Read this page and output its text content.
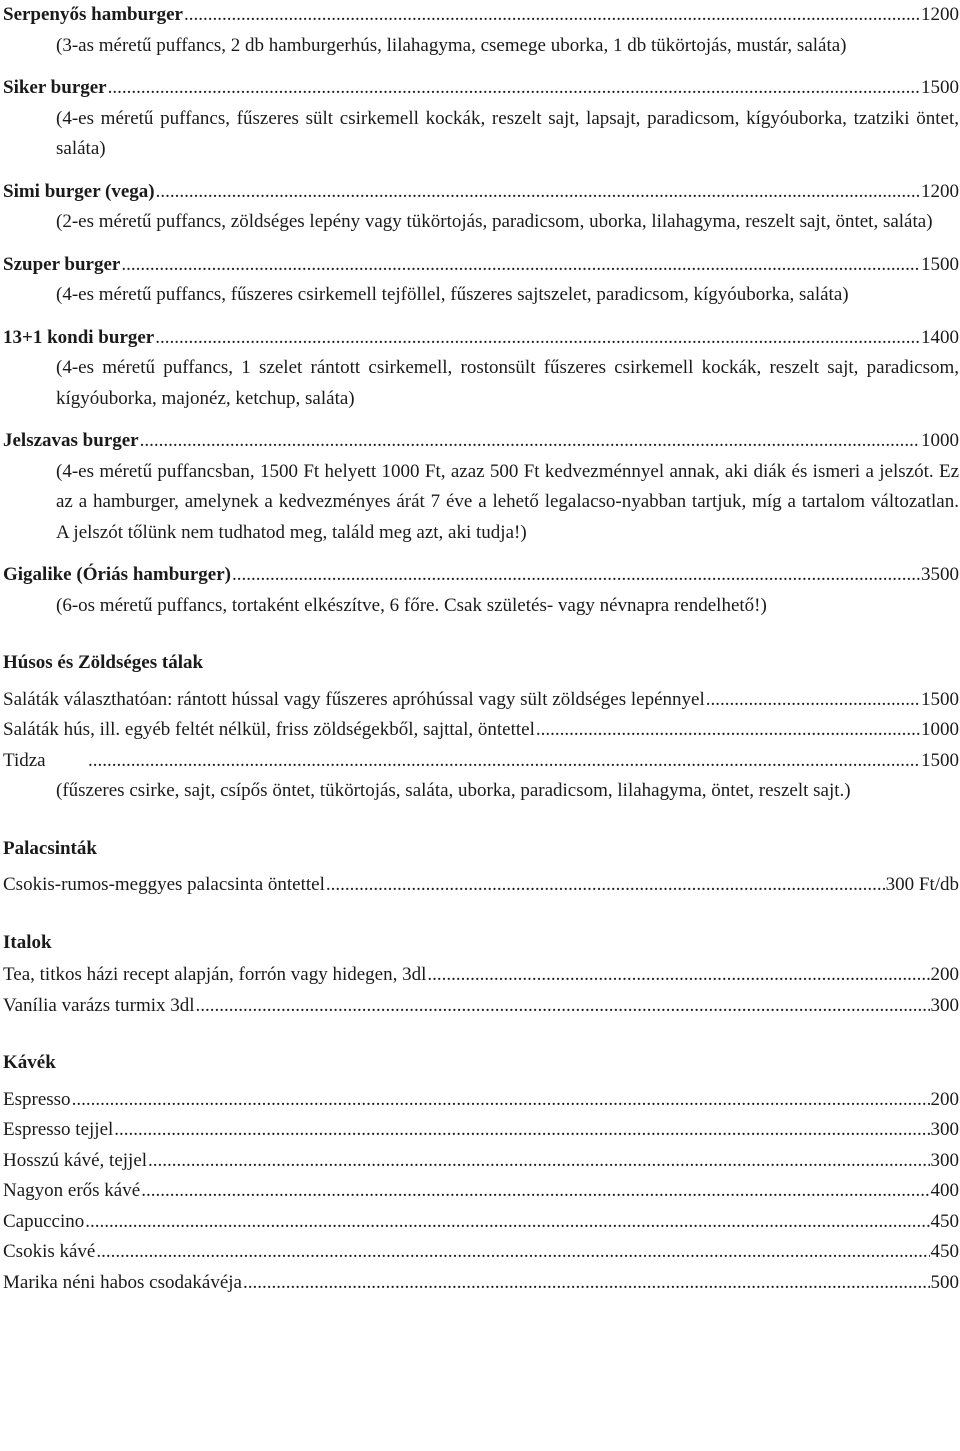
Serpenyős hamburger .....	1200
(3-as méretű puffancs, 2 db hamburgerhús, lilahagyma, csemege uborka, 1 db tükörtojás, mustár, saláta)
Siker burger .....	1500
(4-es méretű puffancs, fűszeres sült csirkemell kockák, reszelt sajt, lapsajt, paradicsom, kígyóuborka, tzatziki öntet, saláta)
Simi burger (vega) .....	1200
(2-es méretű puffancs, zöldséges lepény vagy tükörtojás, paradicsom, uborka, lilahagyma, reszelt sajt, öntet, saláta)
Szuper burger .....	1500
(4-es méretű puffancs, fűszeres csirkemell tejföllel, fűszeres sajtszelet, paradicsom, kígyóuborka, saláta)
13+1 kondi burger .....	1400
(4-es méretű puffancs, 1 szelet rántott csirkemell, rostonsült fűszeres csirkemell kockák, reszelt sajt, paradicsom, kígyóuborka, majonéz, ketchup, saláta)
Jelszavas burger .....	1000
(4-es méretű puffancsban, 1500 Ft helyett 1000 Ft, azaz 500 Ft kedvezménnyel annak, aki diák és ismeri a jelszót. Ez az a hamburger, amelynek a kedvezményes árát 7 éve a lehető legalacso-nyabban tartjuk, míg a tartalom változatlan. A jelszót tőlünk nem tudhatod meg, találd meg azt, aki tudja!)
Gigalike (Óriás hamburger) .....	3500
(6-os méretű puffancs, tortaként elkészítve, 6 főre. Csak születés- vagy névnapra rendelhető!)
Húsos és Zöldséges tálak
Saláták választhatóan: rántott hússal vagy fűszeres apróhússal vagy sült zöldséges lepénnyel .....	1500
Saláták hús, ill. egyéb feltét nélkül, friss zöldségekből, sajttal, öntettel .....	1000
Tidza .....	1500
(fűszeres csirke, sajt, csípős öntet, tükörtojás, saláta, uborka, paradicsom, lilahagyma, öntet, reszelt sajt.)
Palacsinták
Csokis-rumos-meggyes palacsinta öntettel .....	300 Ft/db
Italok
Tea, titkos házi recept alapján, forrón vagy hidegen, 3dl .....	200
Vanília varázs turmix 3dl .....	300
Kávék
Espresso .....	200
Espresso tejjel .....	300
Hosszú kávé, tejjel .....	300
Nagyon erős kávé .....	400
Capuccino .....	450
Csokis kávé .....	450
Marika néni habos csodakávéja .....	500
